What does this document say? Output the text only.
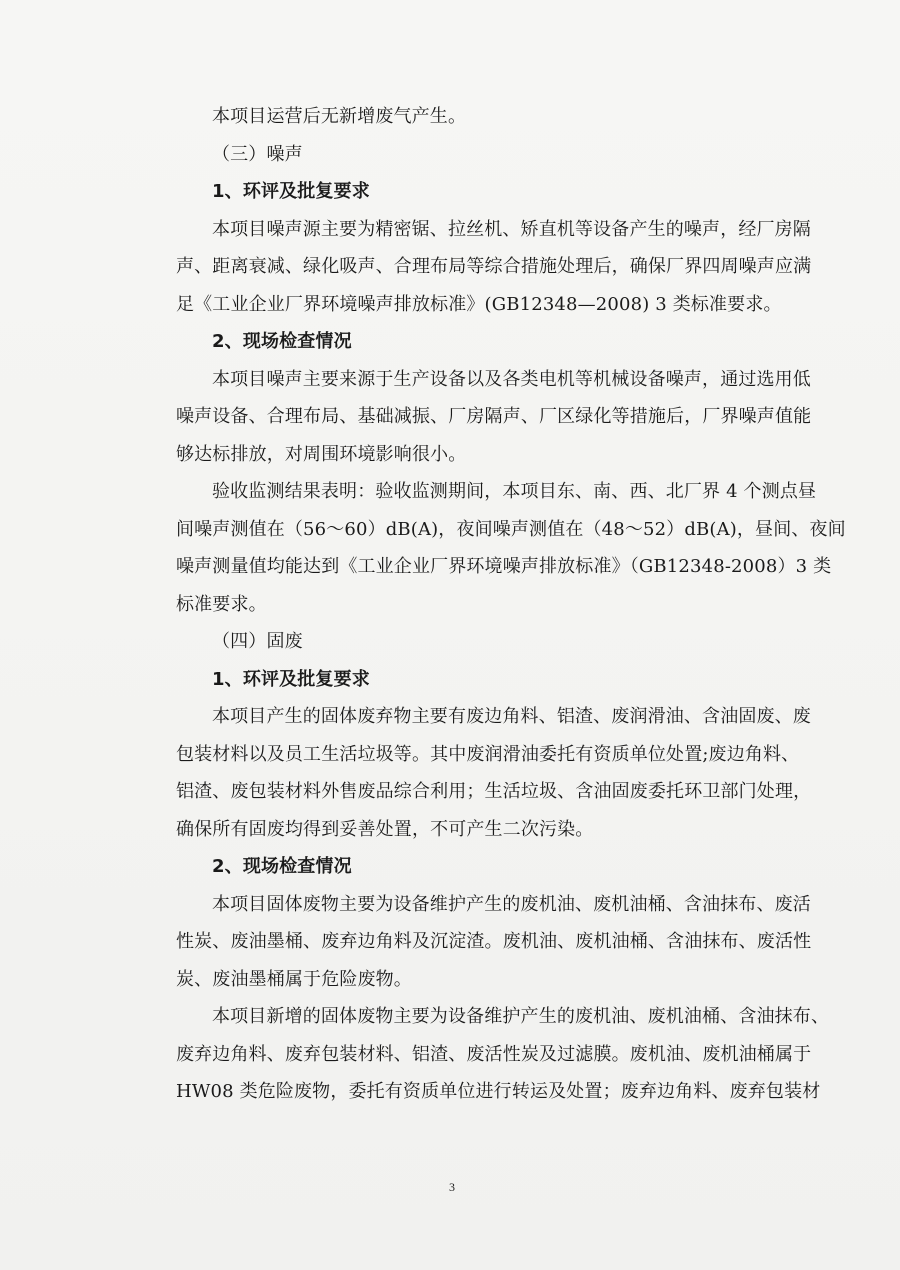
本项目运营后无新增废气产生。
（三）噪声
1、环评及批复要求
本项目噪声源主要为精密锯、拉丝机、矫直机等设备产生的噪声，经厂房隔
声、距离衰减、绿化吸声、合理布局等综合措施处理后，确保厂界四周噪声应满
足《工业企业厂界环境噪声排放标准》(GB12348—2008) 3 类标准要求。
2、现场检查情况
本项目噪声主要来源于生产设备以及各类电机等机械设备噪声，通过选用低
噪声设备、合理布局、基础减振、厂房隔声、厂区绿化等措施后，厂界噪声值能
够达标排放，对周围环境影响很小。
验收监测结果表明：验收监测期间，本项目东、南、西、北厂界 4 个测点昼
间噪声测值在（56～60）dB(A)，夜间噪声测值在（48～52）dB(A)，昼间、夜间
噪声测量值均能达到《工业企业厂界环境噪声排放标准》（GB12348-2008）3 类
标准要求。
（四）固废
1、环评及批复要求
本项目产生的固体废弃物主要有废边角料、铝渣、废润滑油、含油固废、废
包装材料以及员工生活垃圾等。其中废润滑油委托有资质单位处置;废边角料、
铝渣、废包装材料外售废品综合利用；生活垃圾、含油固废委托环卫部门处理，
确保所有固废均得到妥善处置，不可产生二次污染。
2、现场检查情况
本项目固体废物主要为设备维护产生的废机油、废机油桶、含油抹布、废活
性炭、废油墨桶、废弃边角料及沉淀渣。废机油、废机油桶、含油抹布、废活性
炭、废油墨桶属于危险废物。
本项目新增的固体废物主要为设备维护产生的废机油、废机油桶、含油抹布、
废弃边角料、废弃包装材料、铝渣、废活性炭及过滤膜。废机油、废机油桶属于
HW08 类危险废物，委托有资质单位进行转运及处置；废弃边角料、废弃包装材
3
